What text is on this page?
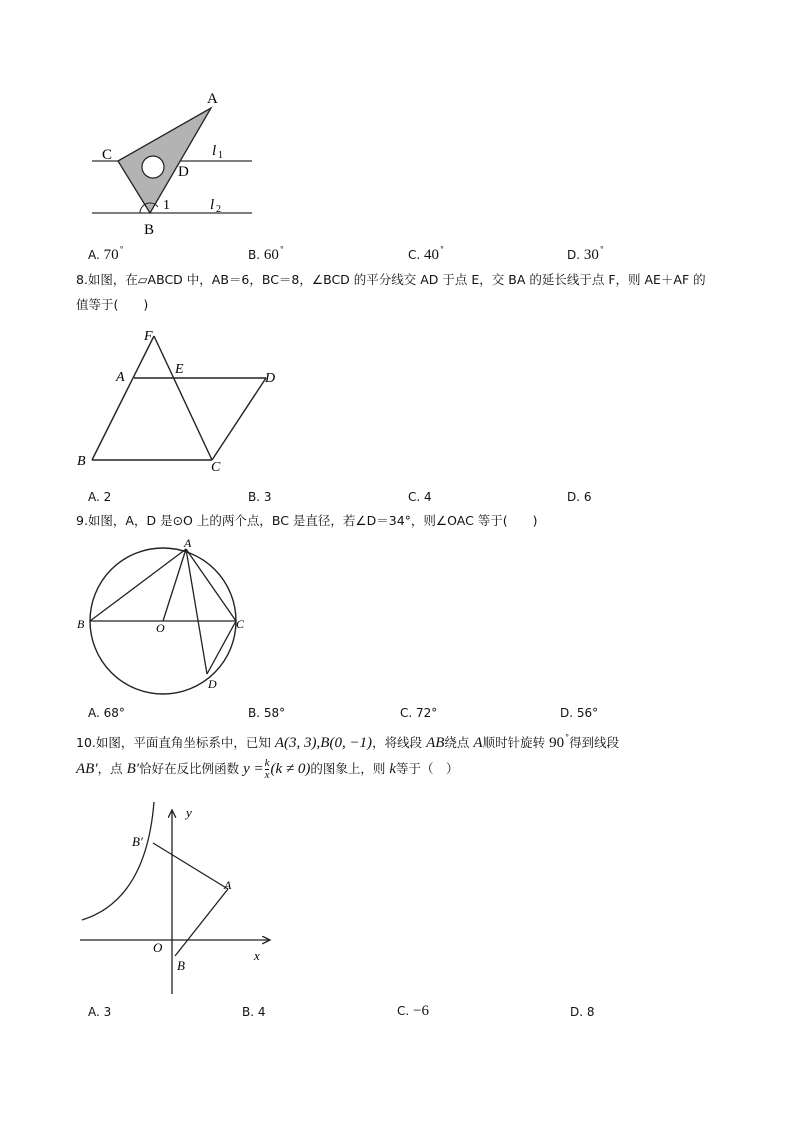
A
C
D
B
1
l 1
l 2
A. 70°	B. 60°	C. 40°	D. 30°
8.如图，在▱ABCD 中，AB＝6，BC＝8，∠BCD 的平分线交 AD 于点 E，交 BA 的延长线于点 F，则 AE＋AF 的
值等于(　　)
F
A
E
D
B	C
A. 2	B. 3	C. 4	D. 6
9.如图，A，D 是⊙O 上的两个点，BC 是直径，若∠D＝34°，则∠OAC 等于(　　)
A
B	O	C
D
A. 68°	B. 58°	C. 72°	D. 56°
10.如图，平面直角坐标系中，已知 A(3, 3),B(0, −1)，将线段 AB绕点 A顺时针旋转 90°得到线段
AB′，点 B′恰好在反比例函数 $y = \frac{k}{x} (k \ne 0)$的图象上，则 k等于（　）
y
x
B′
A
O
B
A. 3	B. 4	C. −6	D. 8
